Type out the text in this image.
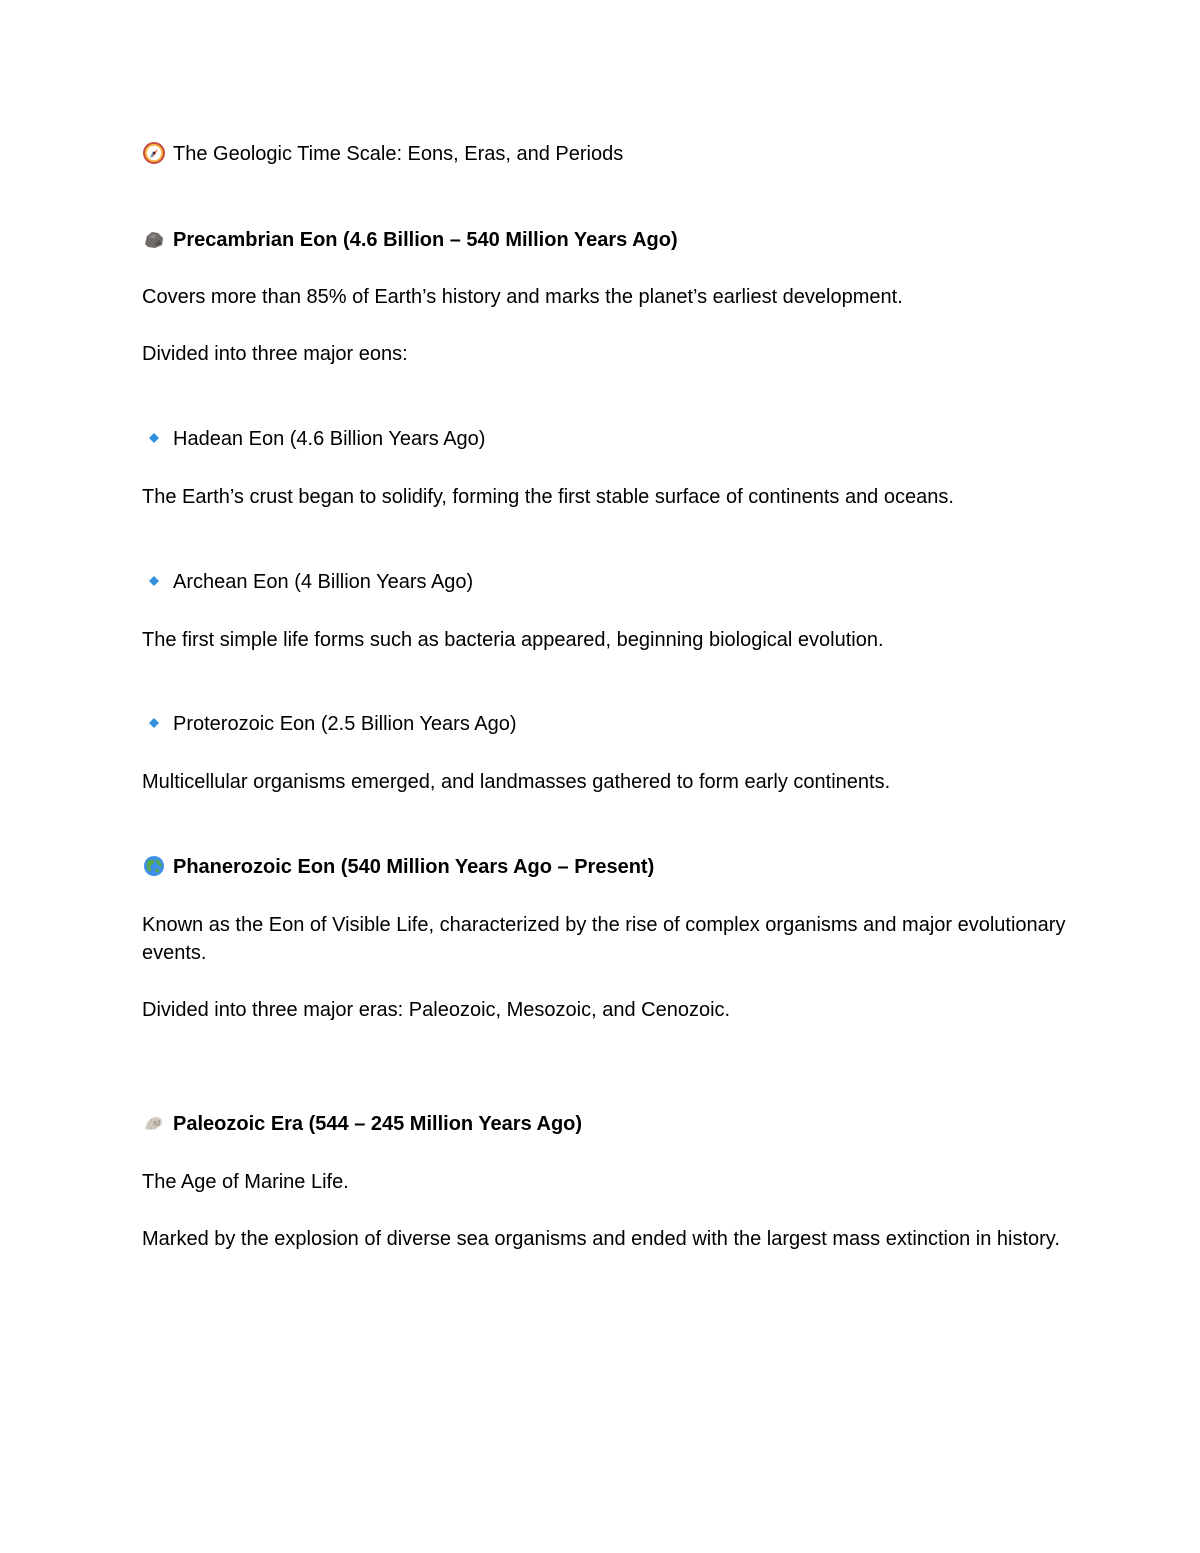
The Geologic Time Scale: Eons, Eras, and Periods
Precambrian Eon (4.6 Billion – 540 Million Years Ago)
Covers more than 85% of Earth’s history and marks the planet’s earliest development.
Divided into three major eons:
Hadean Eon (4.6 Billion Years Ago)
The Earth’s crust began to solidify, forming the first stable surface of continents and oceans.
Archean Eon (4 Billion Years Ago)
The first simple life forms such as bacteria appeared, beginning biological evolution.
Proterozoic Eon (2.5 Billion Years Ago)
Multicellular organisms emerged, and landmasses gathered to form early continents.
Phanerozoic Eon (540 Million Years Ago – Present)
Known as the Eon of Visible Life, characterized by the rise of complex organisms and major evolutionary events.
Divided into three major eras: Paleozoic, Mesozoic, and Cenozoic.
Paleozoic Era (544 – 245 Million Years Ago)
The Age of Marine Life.
Marked by the explosion of diverse sea organisms and ended with the largest mass extinction in history.
